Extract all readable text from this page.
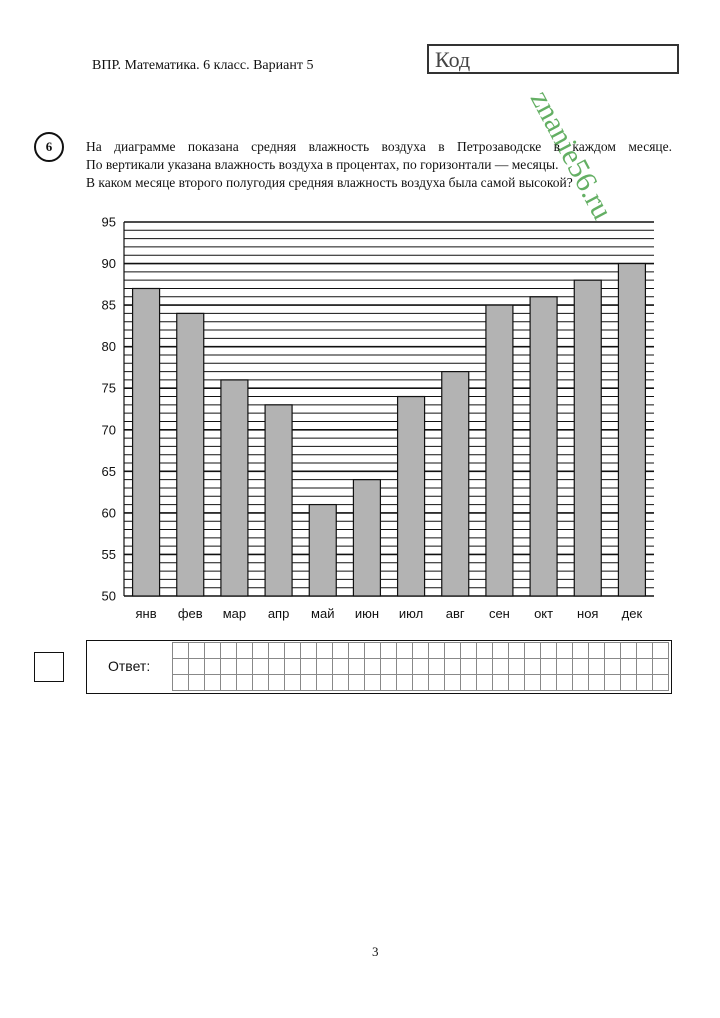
ВПР. Математика. 6 класс. Вариант 5	Код
znanie56.ru
6	На диаграмме показана средняя влажность воздуха в Петрозаводске в каждом месяце.
По вертикали указана влажность воздуха в процентах, по горизонтали — месяцы.
В каком месяце второго полугодия средняя влажность воздуха была самой высокой?
50
55
60
65
70
75
80
85
90
95
янв фев мар апр май июн июл авг сен окт ноя дек
Ответ:
3
